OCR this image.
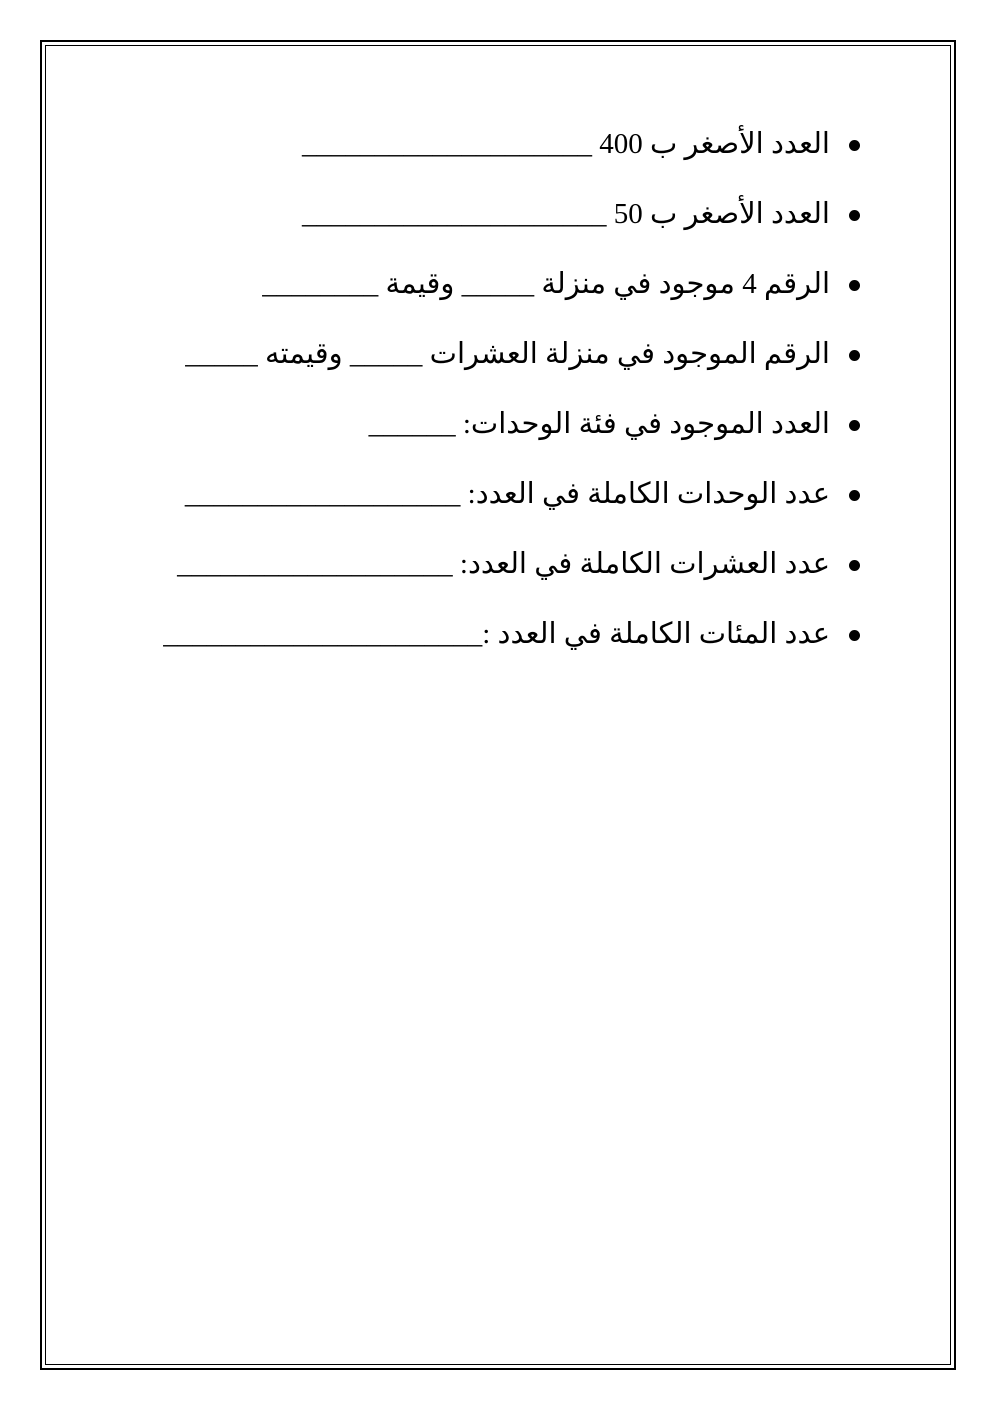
العدد الأصغر ب 400 ____________________
العدد الأصغر ب 50 _____________________
الرقم 4 موجود في منزلة _____ وقيمة ________
الرقم الموجود في منزلة العشرات _____ وقيمته _____
العدد الموجود في فئة الوحدات: ______
عدد الوحدات الكاملة في العدد: ___________________
عدد العشرات الكاملة في العدد: ___________________
عدد المئات الكاملة في العدد :______________________
